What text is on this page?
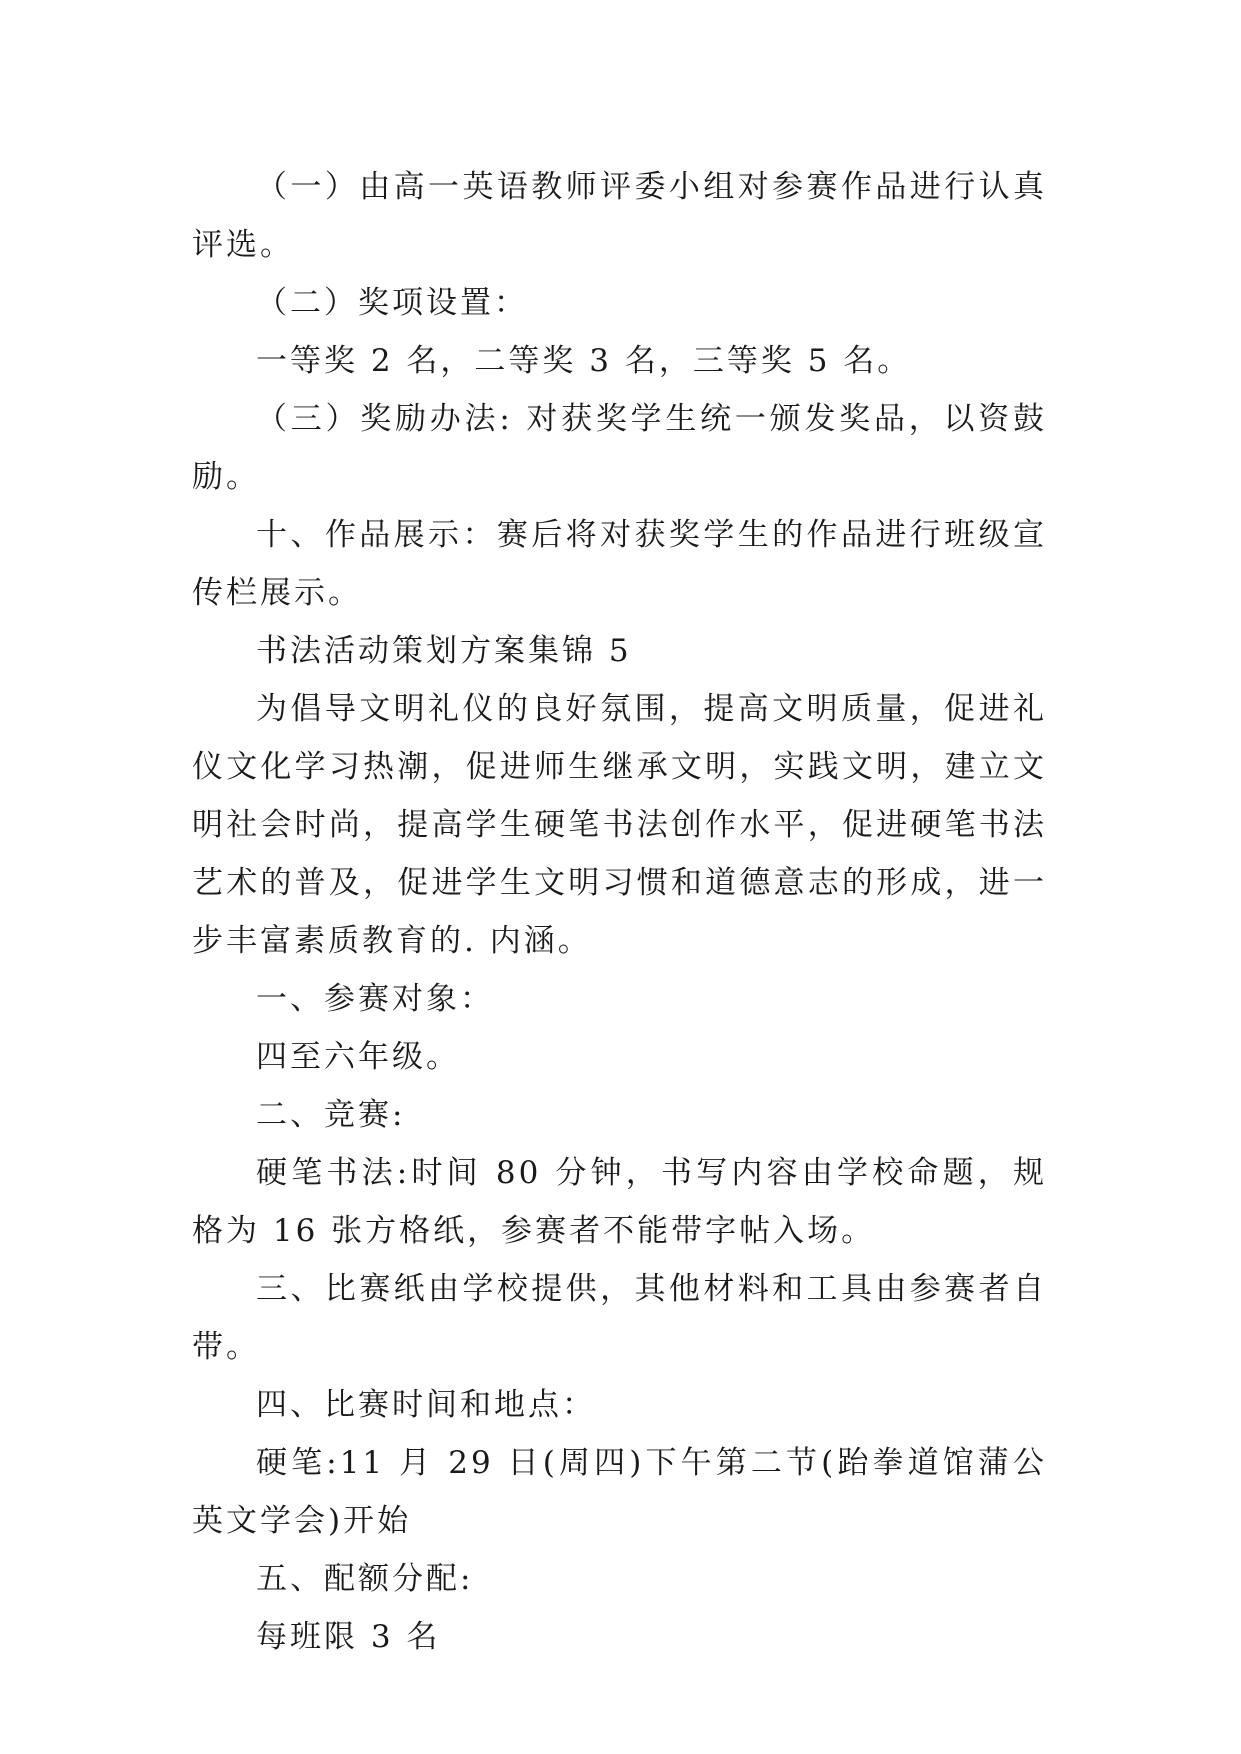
（一）由高一英语教师评委小组对参赛作品进行认真评选。

（二）奖项设置：

一等奖 2 名，二等奖 3 名，三等奖 5 名。

（三）奖励办法: 对获奖学生统一颁发奖品，以资鼓励。

十、作品展示：赛后将对获奖学生的作品进行班级宣传栏展示。

书法活动策划方案集锦 5

为倡导文明礼仪的良好氛围，提高文明质量，促进礼仪文化学习热潮，促进师生继承文明，实践文明，建立文明社会时尚，提高学生硬笔书法创作水平，促进硬笔书法艺术的普及，促进学生文明习惯和道德意志的形成，进一步丰富素质教育的. 内涵。

一、参赛对象：

四至六年级。

二、竞赛:

硬笔书法:时间 80 分钟，书写内容由学校命题，规格为 16 张方格纸，参赛者不能带字帖入场。

三、比赛纸由学校提供，其他材料和工具由参赛者自带。

四、比赛时间和地点：

硬笔:11 月 29 日(周四)下午第二节(跆拳道馆蒲公英文学会)开始

五、配额分配:

每班限 3 名
